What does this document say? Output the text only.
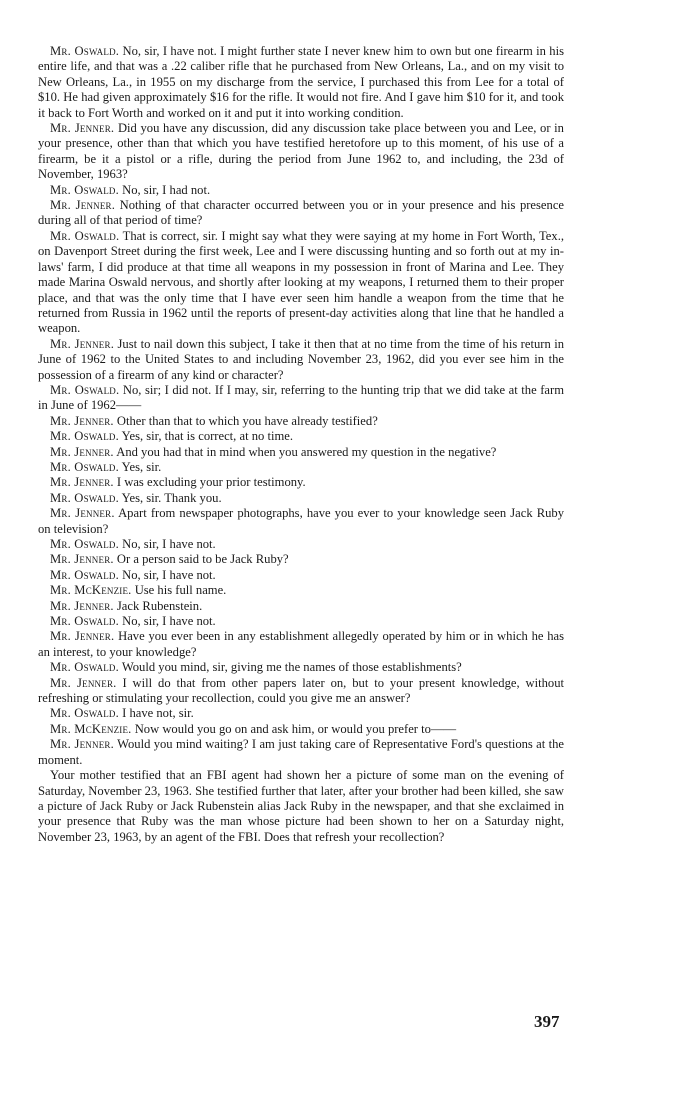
Mr. Oswald. No, sir, I have not. I might further state I never knew him to own but one firearm in his entire life, and that was a .22 caliber rifle that he purchased from New Orleans, La., and on my visit to New Orleans, La., in 1955 on my discharge from the service, I purchased this from Lee for a total of $10. He had given approximately $16 for the rifle. It would not fire. And I gave him $10 for it, and took it back to Fort Worth and worked on it and put it into working condition.

Mr. Jenner. Did you have any discussion, did any discussion take place between you and Lee, or in your presence, other than that which you have testified heretofore up to this moment, of his use of a firearm, be it a pistol or a rifle, during the period from June 1962 to, and including, the 23d of November, 1963?

Mr. Oswald. No, sir, I had not.

Mr. Jenner. Nothing of that character occurred between you or in your presence and his presence during all of that period of time?

Mr. Oswald. That is correct, sir. I might say what they were saying at my home in Fort Worth, Tex., on Davenport Street during the first week, Lee and I were discussing hunting and so forth out at my in-laws' farm, I did produce at that time all weapons in my possession in front of Marina and Lee. They made Marina Oswald nervous, and shortly after looking at my weapons, I returned them to their proper place, and that was the only time that I have ever seen him handle a weapon from the time that he returned from Russia in 1962 until the reports of present-day activities along that line that he handled a weapon.

Mr. Jenner. Just to nail down this subject, I take it then that at no time from the time of his return in June of 1962 to the United States to and including November 23, 1962, did you ever see him in the possession of a firearm of any kind or character?

Mr. Oswald. No, sir; I did not. If I may, sir, referring to the hunting trip that we did take at the farm in June of 1962——

Mr. Jenner. Other than that to which you have already testified?

Mr. Oswald. Yes, sir, that is correct, at no time.

Mr. Jenner. And you had that in mind when you answered my question in the negative?

Mr. Oswald. Yes, sir.

Mr. Jenner. I was excluding your prior testimony.

Mr. Oswald. Yes, sir. Thank you.

Mr. Jenner. Apart from newspaper photographs, have you ever to your knowledge seen Jack Ruby on television?

Mr. Oswald. No, sir, I have not.

Mr. Jenner. Or a person said to be Jack Ruby?

Mr. Oswald. No, sir, I have not.

Mr. McKenzie. Use his full name.

Mr. Jenner. Jack Rubenstein.

Mr. Oswald. No, sir, I have not.

Mr. Jenner. Have you ever been in any establishment allegedly operated by him or in which he has an interest, to your knowledge?

Mr. Oswald. Would you mind, sir, giving me the names of those establishments?

Mr. Jenner. I will do that from other papers later on, but to your present knowledge, without refreshing or stimulating your recollection, could you give me an answer?

Mr. Oswald. I have not, sir.

Mr. McKenzie. Now would you go on and ask him, or would you prefer to——

Mr. Jenner. Would you mind waiting? I am just taking care of Representative Ford's questions at the moment.

Your mother testified that an FBI agent had shown her a picture of some man on the evening of Saturday, November 23, 1963. She testified further that later, after your brother had been killed, she saw a picture of Jack Ruby or Jack Rubenstein alias Jack Ruby in the newspaper, and that she exclaimed in your presence that Ruby was the man whose picture had been shown to her on a Saturday night, November 23, 1963, by an agent of the FBI. Does that refresh your recollection?

397
